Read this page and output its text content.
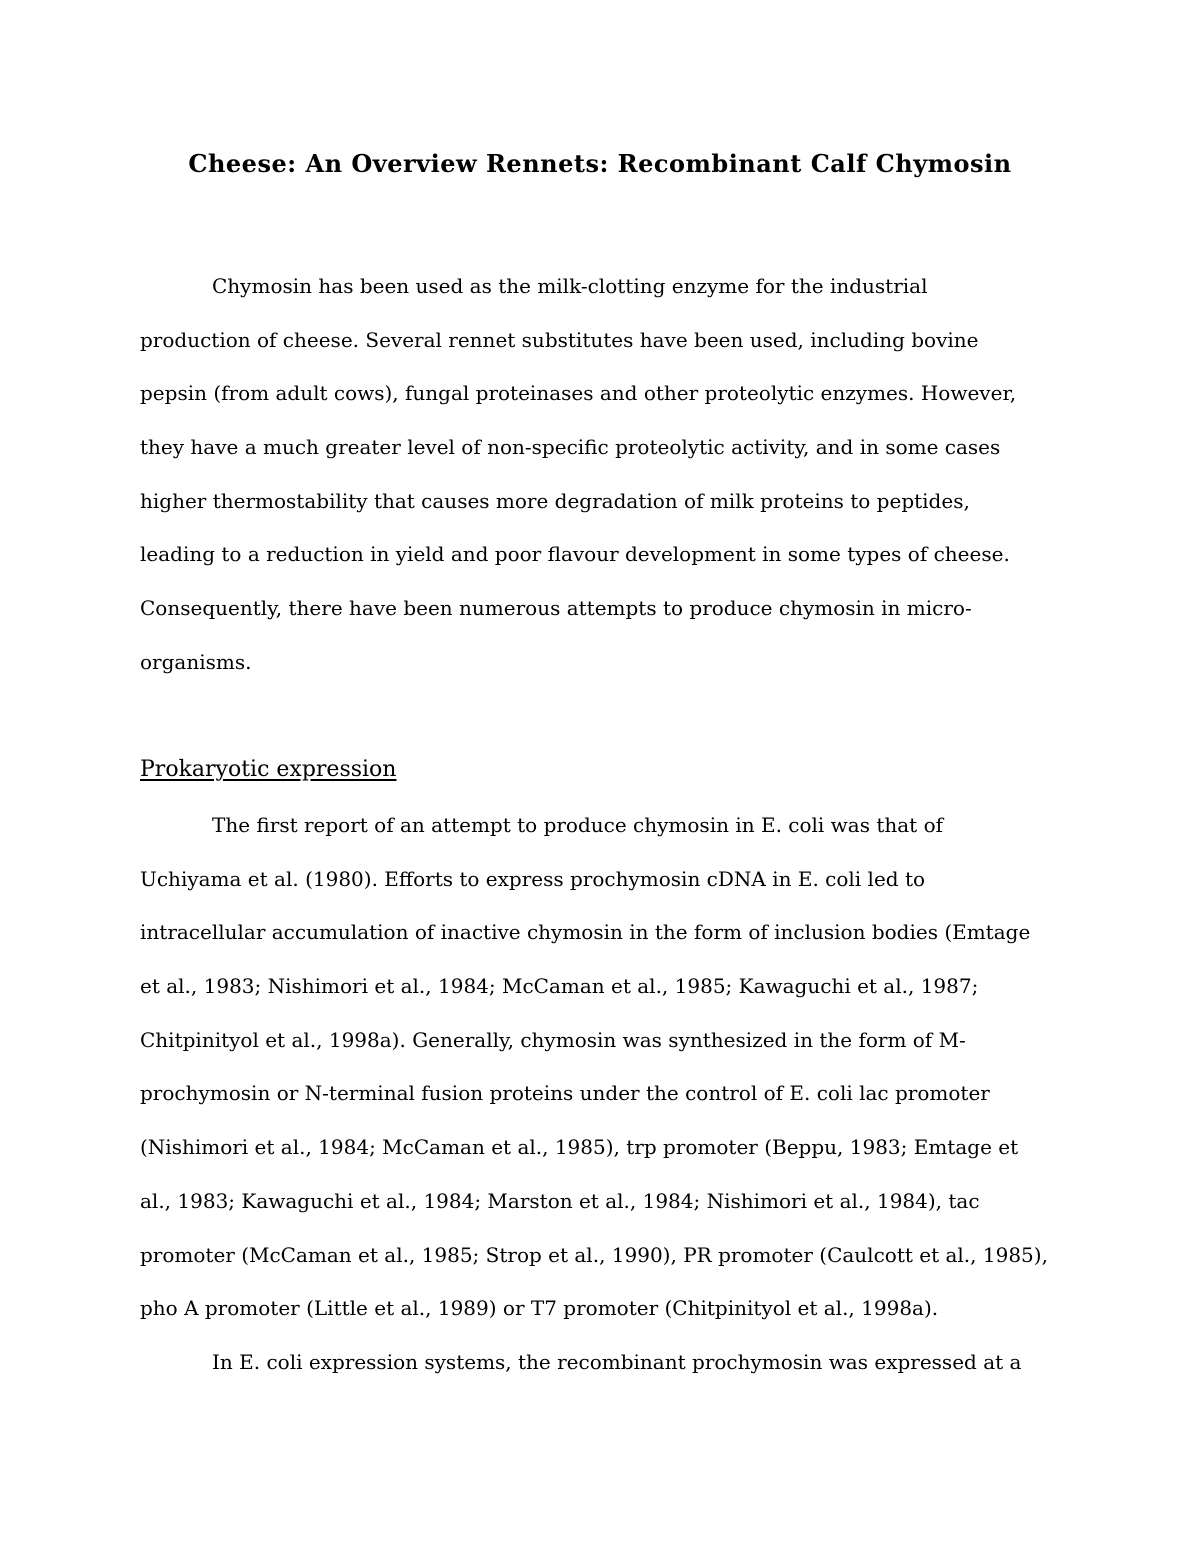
Cheese: An Overview Rennets: Recombinant Calf Chymosin
Chymosin has been used as the milk-clotting enzyme for the industrial
production of cheese. Several rennet substitutes have been used, including bovine
pepsin (from adult cows), fungal proteinases and other proteolytic enzymes. However,
they have a much greater level of non-specific proteolytic activity, and in some cases
higher thermostability that causes more degradation of milk proteins to peptides,
leading to a reduction in yield and poor flavour development in some types of cheese.
Consequently, there have been numerous attempts to produce chymosin in micro-
organisms.
Prokaryotic expression
The first report of an attempt to produce chymosin in E. coli was that of
Uchiyama et al. (1980). Efforts to express prochymosin cDNA in E. coli led to
intracellular accumulation of inactive chymosin in the form of inclusion bodies (Emtage
et al., 1983; Nishimori et al., 1984; McCaman et al., 1985; Kawaguchi et al., 1987;
Chitpinityol et al., 1998a). Generally, chymosin was synthesized in the form of M-
prochymosin or N-terminal fusion proteins under the control of E. coli lac promoter
(Nishimori et al., 1984; McCaman et al., 1985), trp promoter (Beppu, 1983; Emtage et
al., 1983; Kawaguchi et al., 1984; Marston et al., 1984; Nishimori et al., 1984), tac
promoter (McCaman et al., 1985; Strop et al., 1990), PR promoter (Caulcott et al., 1985),
pho A promoter (Little et al., 1989) or T7 promoter (Chitpinityol et al., 1998a).
In E. coli expression systems, the recombinant prochymosin was expressed at a
